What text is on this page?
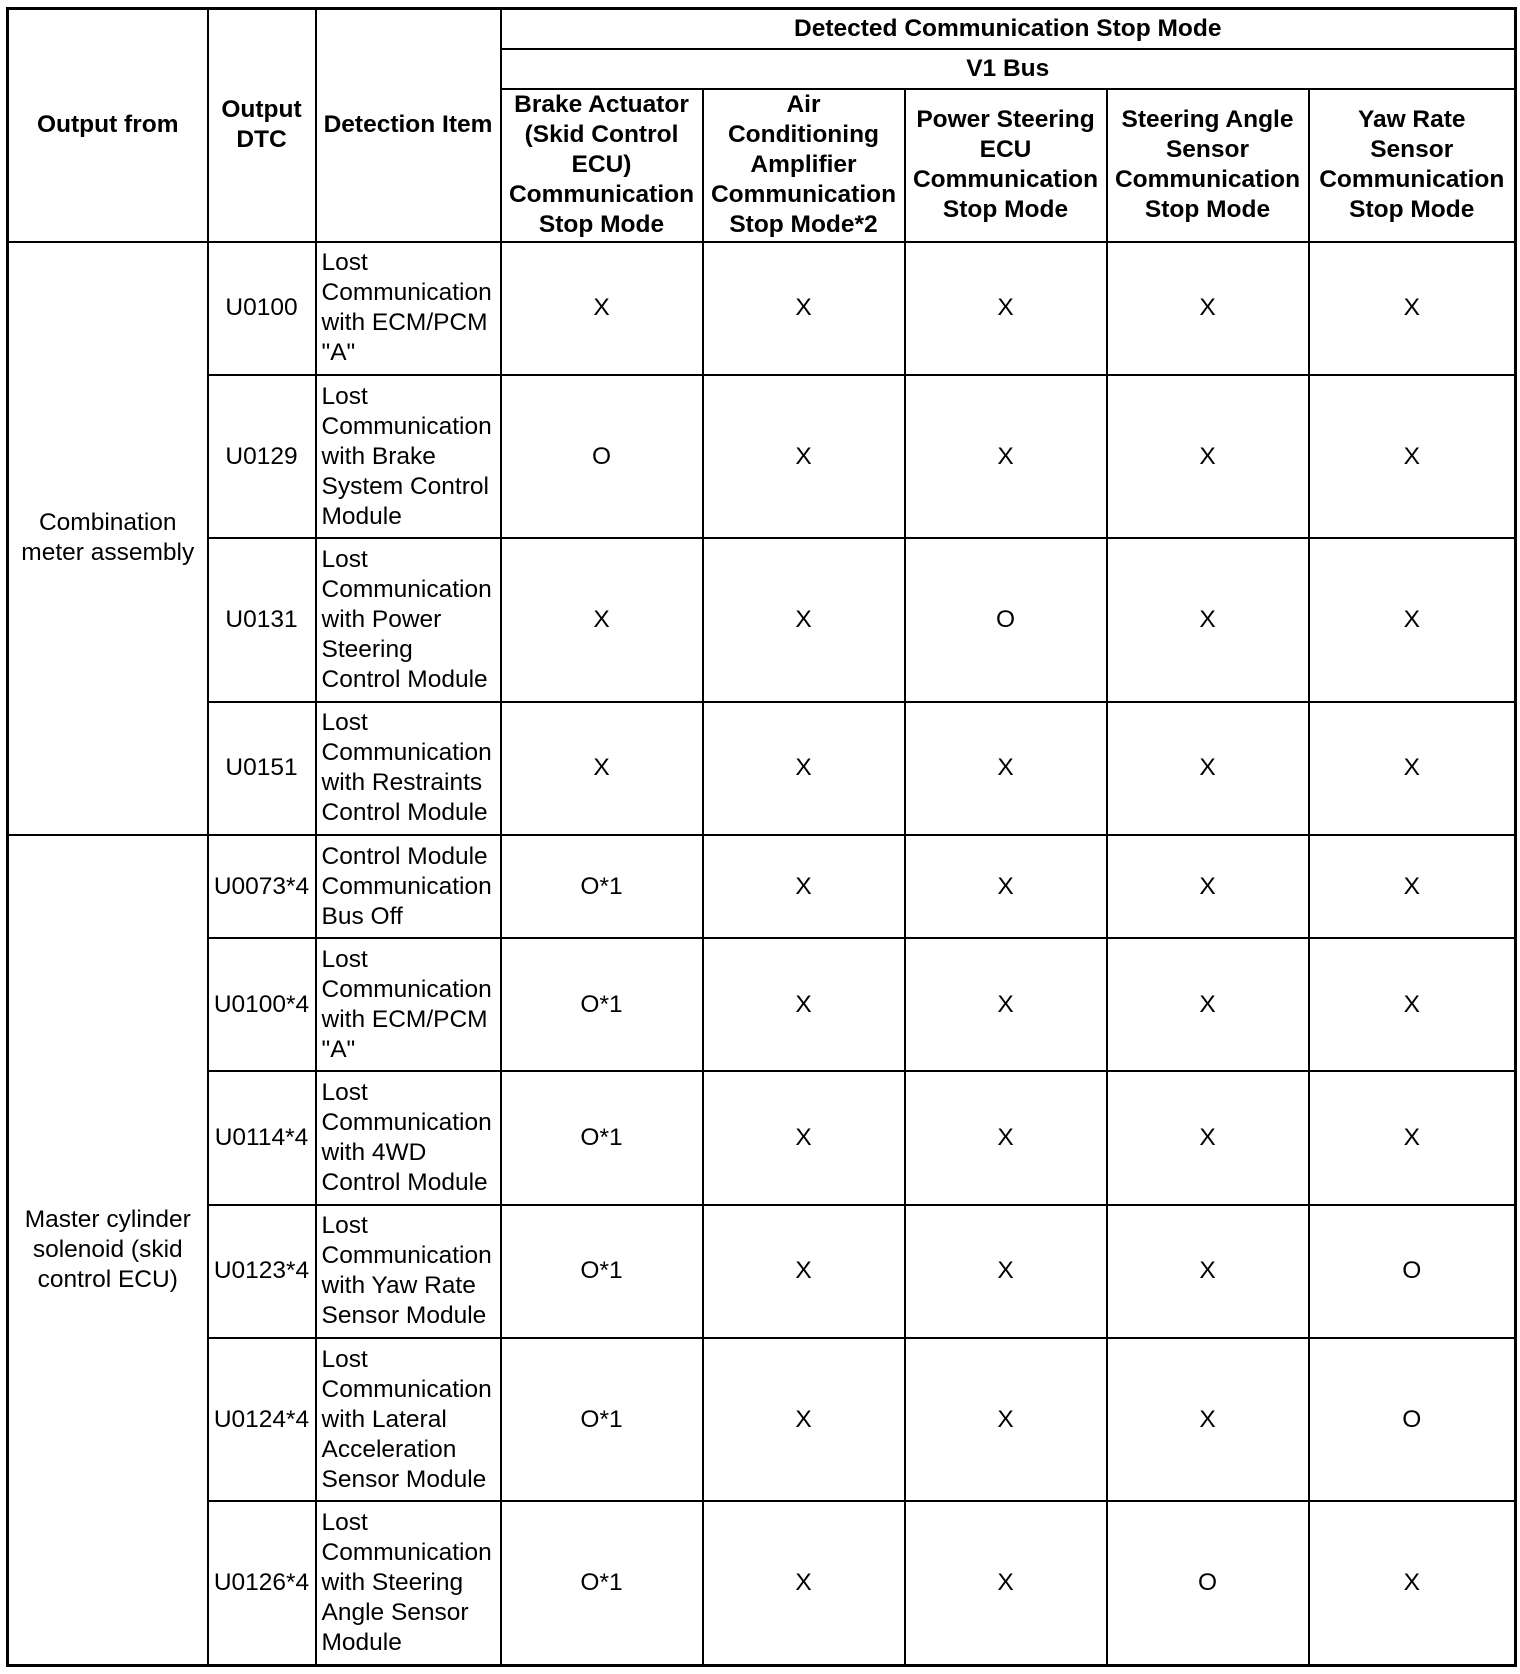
Output from	Output DTC	Detection Item	Detected Communication Stop Mode				
			V1 Bus				
			Brake Actuator (Skid Control ECU) Communication Stop Mode	Air Conditioning Amplifier Communication Stop Mode*2	Power Steering ECU Communication Stop Mode	Steering Angle Sensor Communication Stop Mode	Yaw Rate Sensor Communication Stop Mode
Combination meter assembly	U0100	Lost Communication with ECM/PCM "A"	X	X	X	X	X
	U0129	Lost Communication with Brake System Control Module	O	X	X	X	X
	U0131	Lost Communication with Power Steering Control Module	X	X	O	X	X
	U0151	Lost Communication with Restraints Control Module	X	X	X	X	X
Master cylinder solenoid (skid control ECU)	U0073*4	Control Module Communication Bus Off	O*1	X	X	X	X
	U0100*4	Lost Communication with ECM/PCM "A"	O*1	X	X	X	X
	U0114*4	Lost Communication with 4WD Control Module	O*1	X	X	X	X
	U0123*4	Lost Communication with Yaw Rate Sensor Module	O*1	X	X	X	O
	U0124*4	Lost Communication with Lateral Acceleration Sensor Module	O*1	X	X	X	O
	U0126*4	Lost Communication with Steering Angle Sensor Module	O*1	X	X	O	X
